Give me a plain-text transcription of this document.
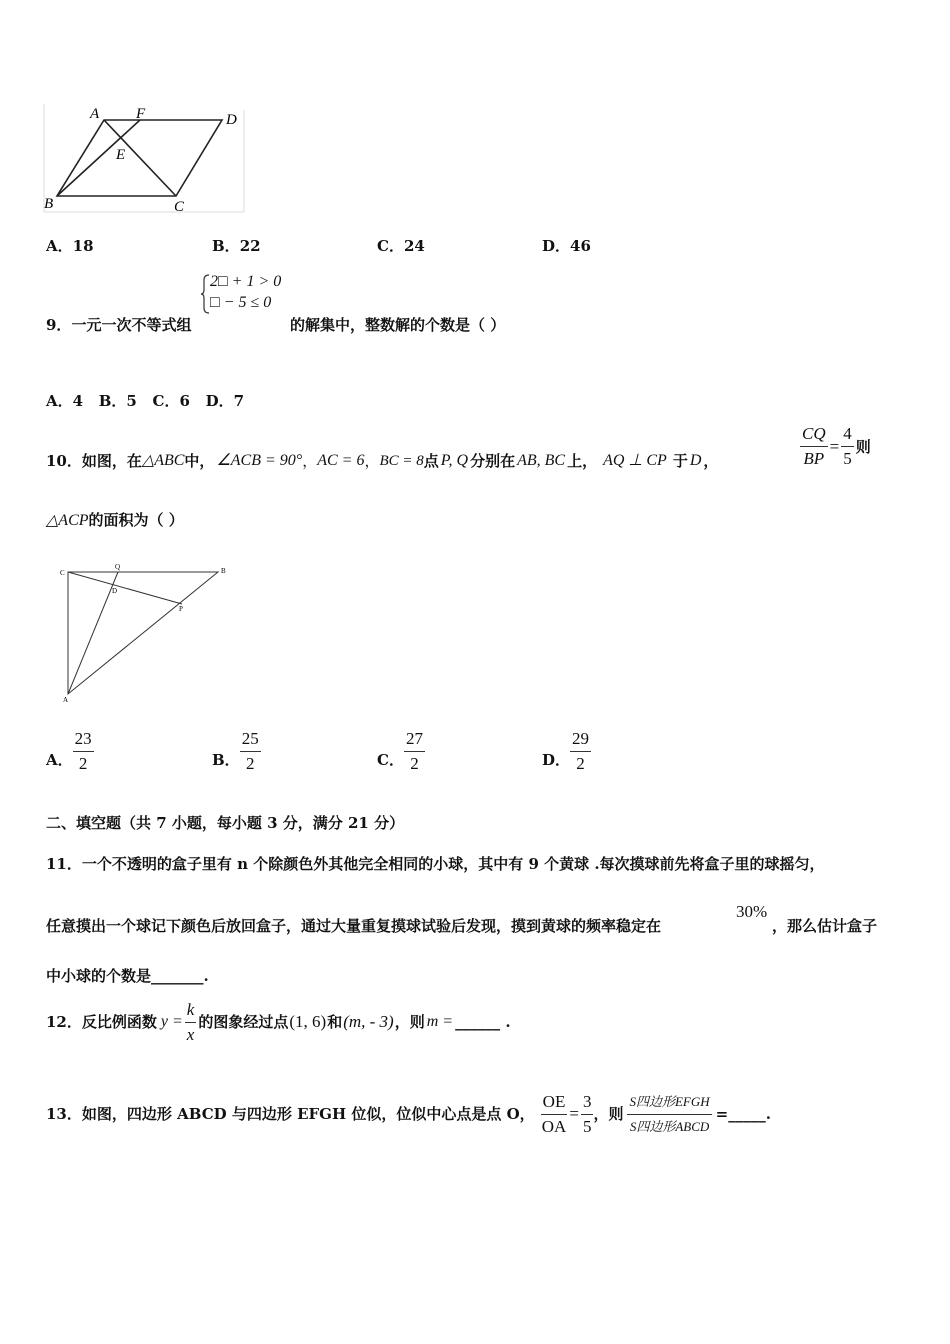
A F	D
E
B	C
A．18	B．22	C．24	D．46
9．一元一次不等式组
2□ + 1 > 0
□ − 5 ≤ 0
的解集中，整数解的个数是（ ）
A．4   B．5   C．6   D．7
10． 如图，在 △ABC 中， ∠ACB = 90° ， AC = 6 ， BC = 8 点 P, Q 分别在 AB, BC 上， AQ ⊥ CP 于 D ，	$\frac{CQ}{BP} = \frac{4}{5}$ 则
△ACP的面积为（ ）
C
Q	B
D
P
A
A． $\frac{23}{2}$	B． $\frac{25}{2}$	C． $\frac{27}{2}$	D． $\frac{29}{2}$
二、填空题（共 7 小题，每小题 3 分，满分 21 分）
11．一个不透明的盒子里有 n 个除颜色外其他完全相同的小球，其中有 9 个黄球 .每次摸球前先将盒子里的球摇匀，
任意摸出一个球记下颜色后放回盒子，通过大量重复摸球试验后发现，摸到黄球的频率稳定在
30%
，那么估计盒子
中小球的个数是_______.
12． 反比例函数 $y = \frac{k}{x}$ 的图象经过点 (1, 6) 和 (m, - 3) ，则 m = ______ .
13． 如图，四边形 ABCD 与四边形 EFGH 位似，位似中心点是点 O， $\frac{OE}{OA} = \frac{3}{5}$ ，则 $\frac{\text{S四边形EFGH}}{\text{S四边形ABCD}}$ =_____.
